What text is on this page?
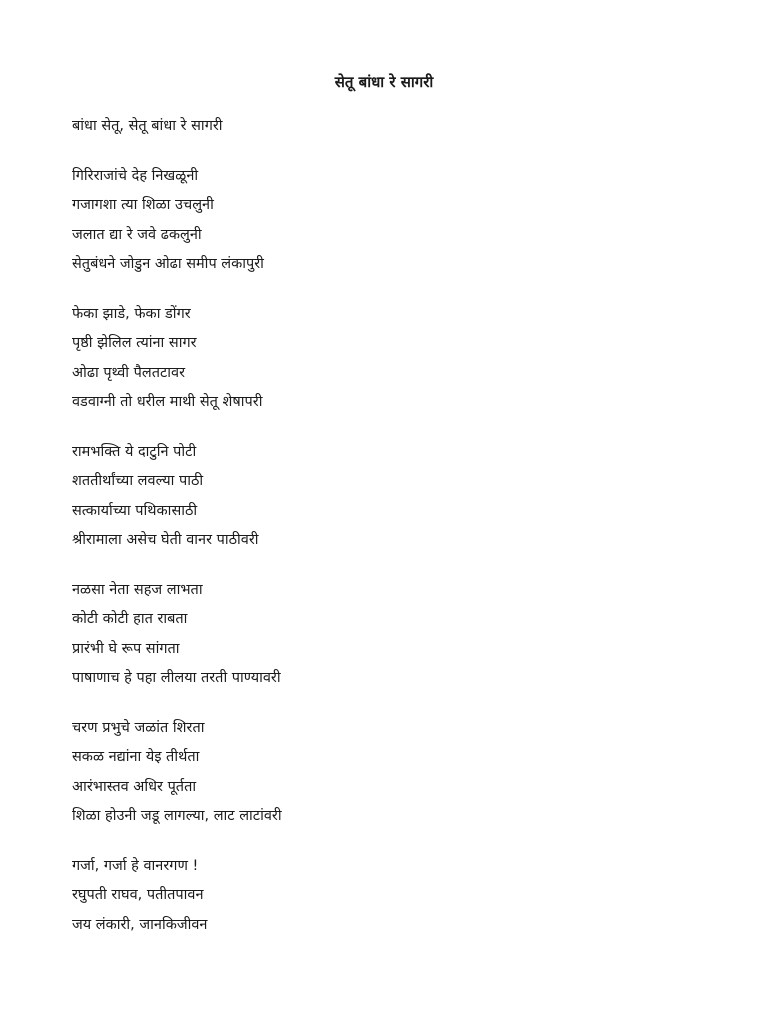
सेतू बांधा रे सागरी
बांधा सेतू, सेतू बांधा रे सागरी
गिरिराजांचे देह निखळूनी
गजागशा त्या शिळा उचलुनी
जलात द्या रे जवे ढकलुनी
सेतुबंधने जोडुन ओढा समीप लंकापुरी
फेका झाडे, फेका डोंगर
पृष्ठी झेलिल त्यांना सागर
ओढा पृथ्वी पैलतटावर
वडवाग्नी तो धरील माथी सेतू शेषापरी
रामभक्ति ये दाटुनि पोटी
शततीर्थांच्या लवल्या पाठी
सत्कार्याच्या पथिकासाठी
श्रीरामाला असेच घेती वानर पाठीवरी
नळसा नेता सहज लाभता
कोटी कोटी हात राबता
प्रारंभी घे रूप सांगता
पाषाणाच हे पहा लीलया तरती पाण्यावरी
चरण प्रभुचे जळांत शिरता
सकळ नद्यांना येइ तीर्थता
आरंभास्तव अधिर पूर्तता
शिळा होउनी जडू लागल्या, लाट लाटांवरी
गर्जा, गर्जा हे वानरगण !
रघुपती राघव, पतीतपावन
जय लंकारी, जानकिजीवन
